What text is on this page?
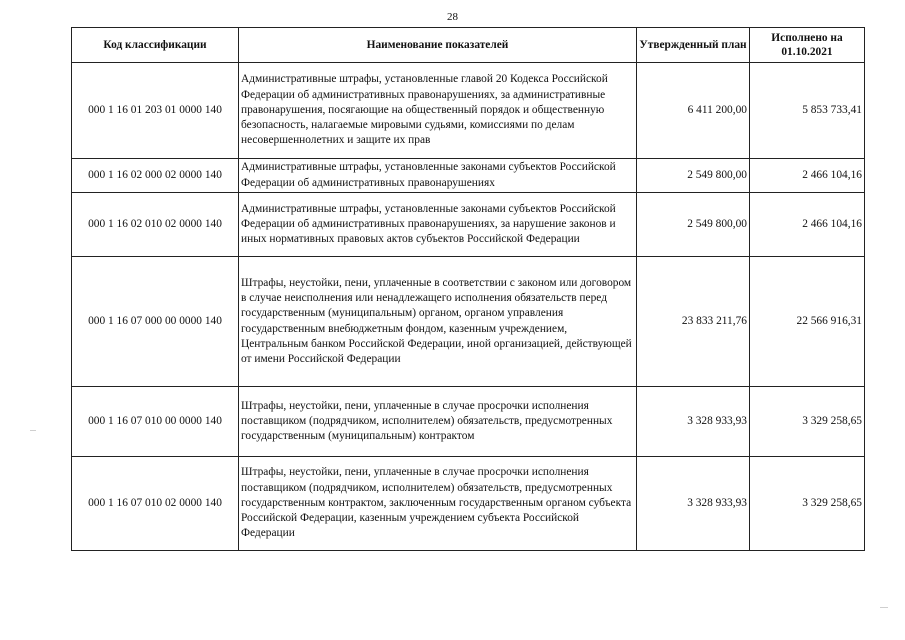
28
Код классификации	Наименование показателей	Утвержденный план	Исполнено на 01.10.2021
000 1 16 01 203 01 0000 140	Административные штрафы, установленные главой 20 Кодекса Российской Федерации об административных правонарушениях, за административные правонарушения, посягающие на общественный порядок и общественную безопасность, налагаемые мировыми судьями, комиссиями по делам несовершеннолетних и защите их прав	6 411 200,00	5 853 733,41
000 1 16 02 000 02 0000 140	Административные штрафы, установленные законами субъектов Российской Федерации об административных правонарушениях	2 549 800,00	2 466 104,16
000 1 16 02 010 02 0000 140	Административные штрафы, установленные законами субъектов Российской Федерации об административных правонарушениях, за нарушение законов и иных нормативных правовых актов субъектов Российской Федерации	2 549 800,00	2 466 104,16
000 1 16 07 000 00 0000 140	Штрафы, неустойки, пени, уплаченные в соответствии с законом или договором в случае неисполнения или ненадлежащего исполнения обязательств перед государственным (муниципальным) органом, органом управления государственным внебюджетным фондом, казенным учреждением, Центральным банком Российской Федерации, иной организацией, действующей от имени Российской Федерации	23 833 211,76	22 566 916,31
000 1 16 07 010 00 0000 140	Штрафы, неустойки, пени, уплаченные в случае просрочки исполнения поставщиком (подрядчиком, исполнителем) обязательств, предусмотренных государственным (муниципальным) контрактом	3 328 933,93	3 329 258,65
000 1 16 07 010 02 0000 140	Штрафы, неустойки, пени, уплаченные в случае просрочки исполнения поставщиком (подрядчиком, исполнителем) обязательств, предусмотренных государственным контрактом, заключенным государственным органом субъекта Российской Федерации, казенным учреждением субъекта Российской Федерации	3 328 933,93	3 329 258,65
